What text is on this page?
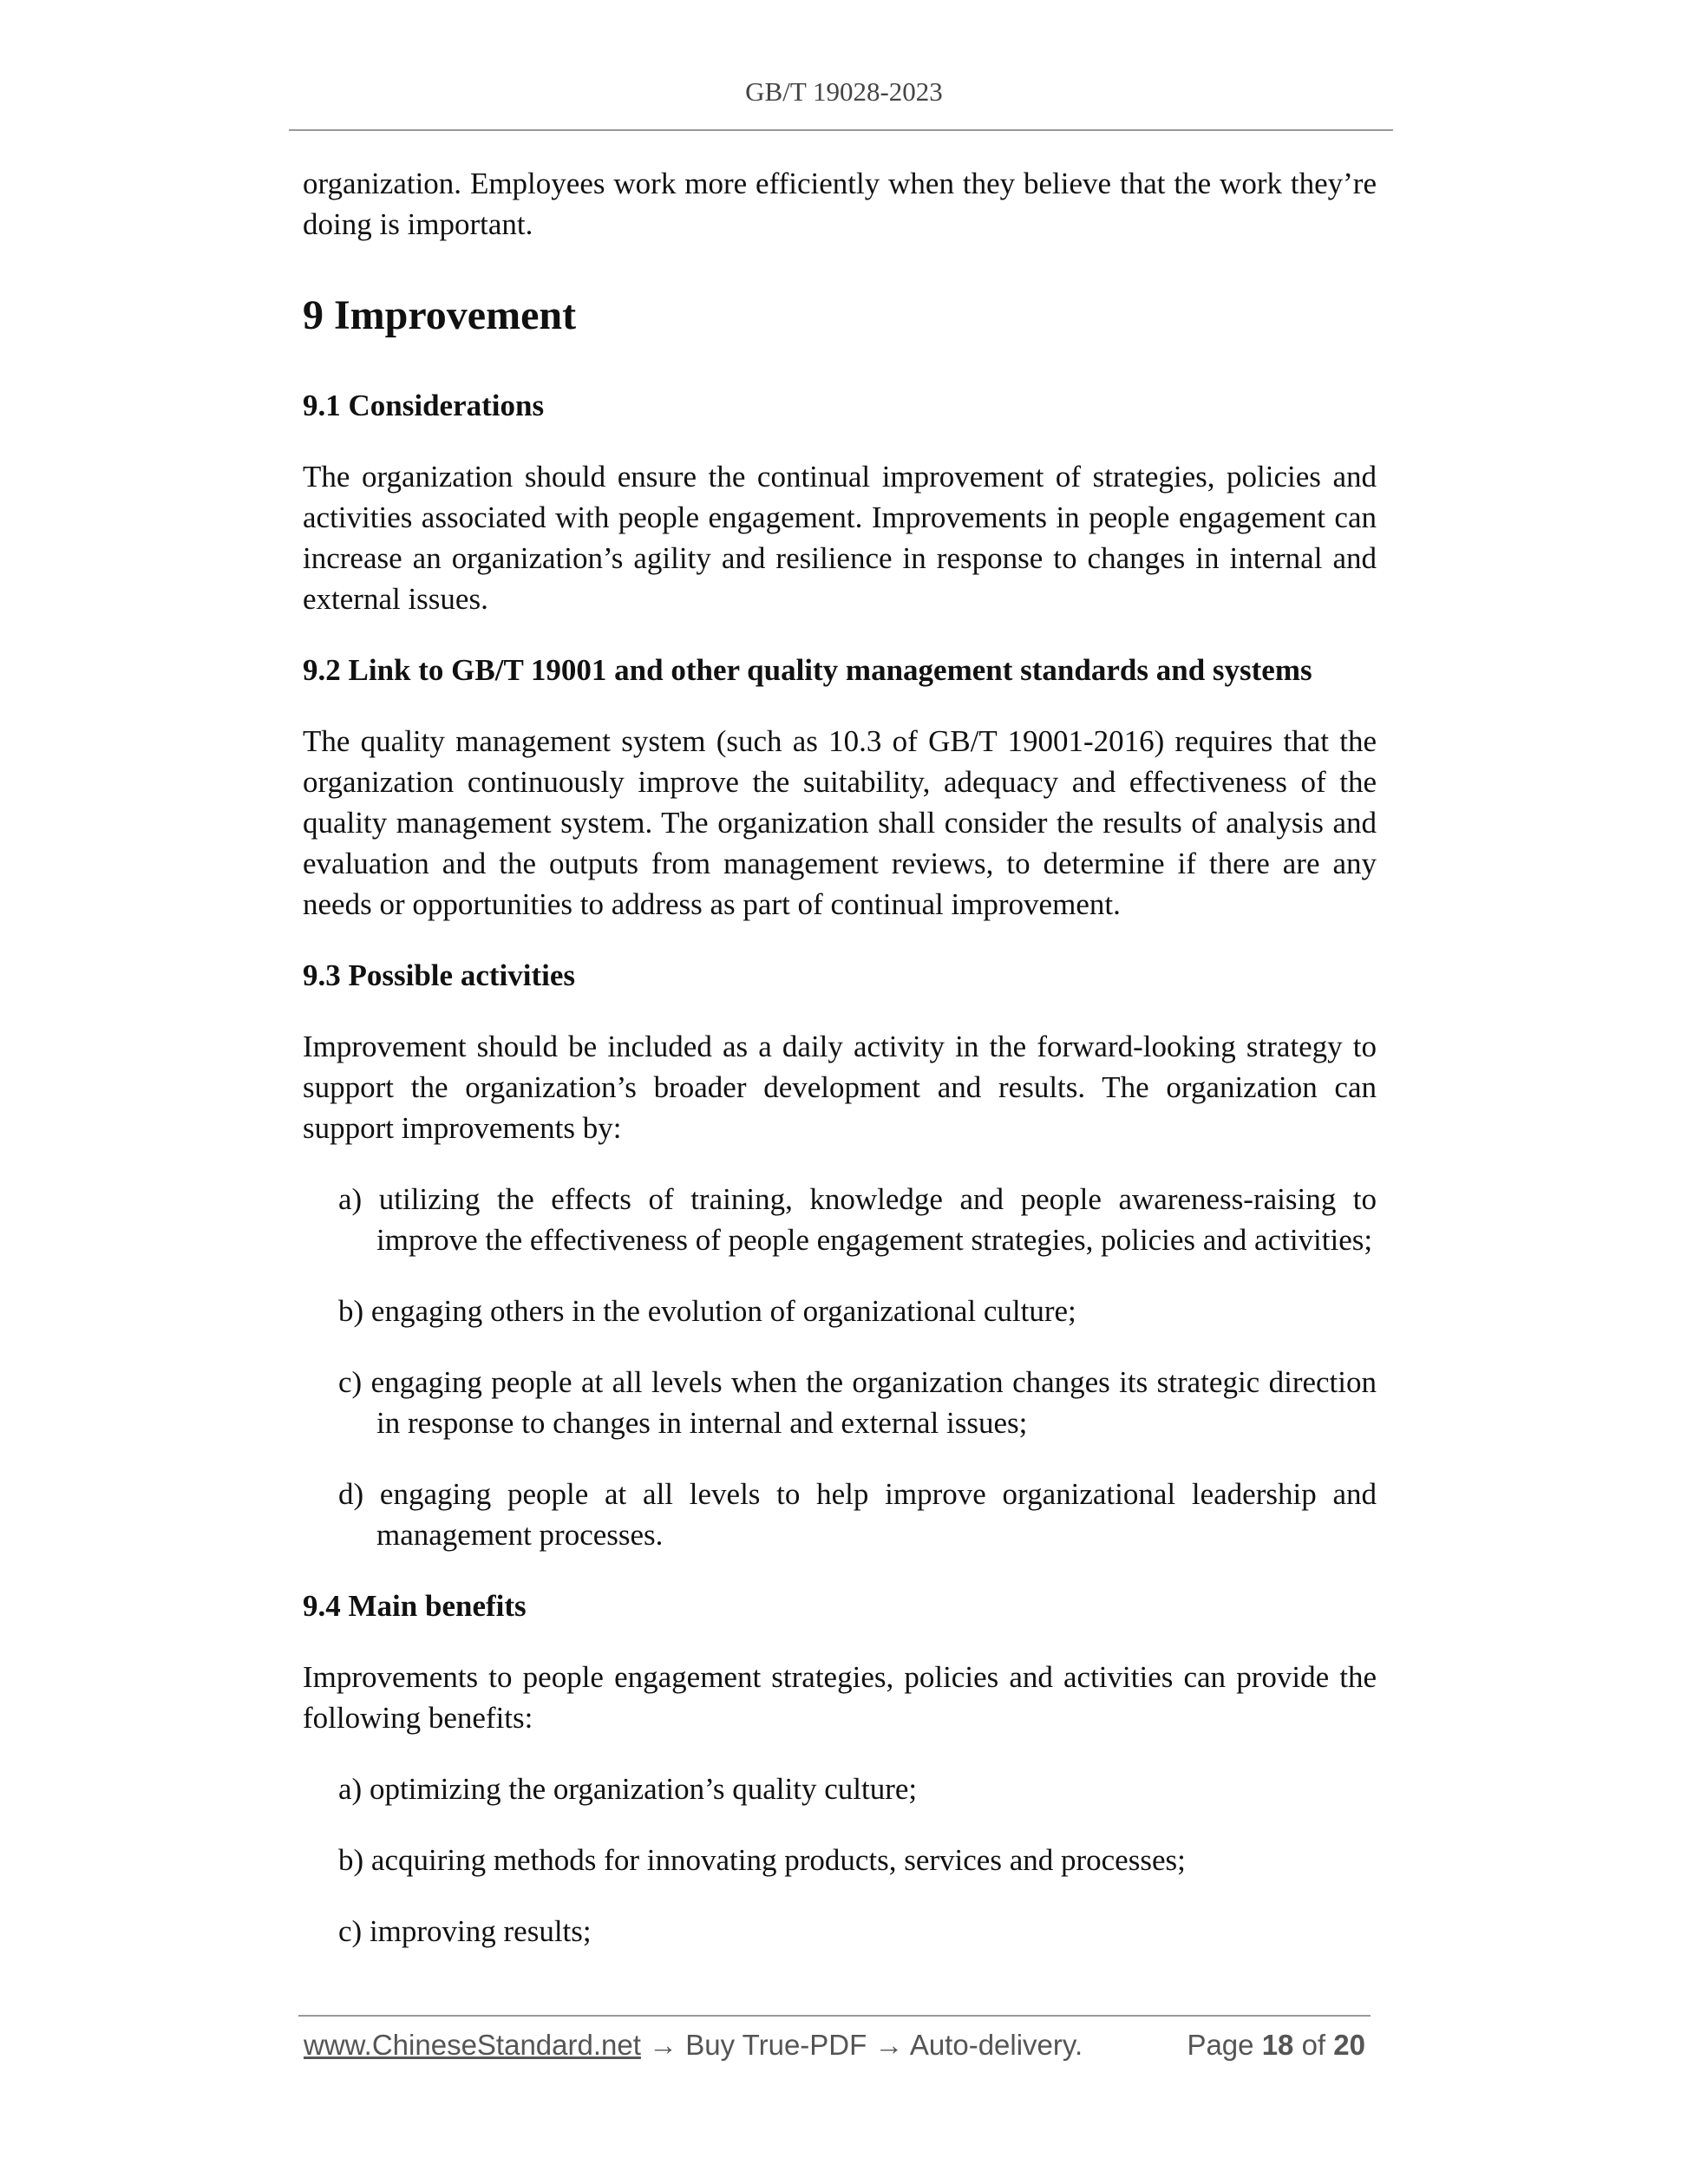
GB/T 19028-2023

organization. Employees work more efficiently when they believe that the work they’re doing is important.

9 Improvement
9.1 Considerations

The organization should ensure the continual improvement of strategies, policies and activities associated with people engagement. Improvements in people engagement can increase an organization’s agility and resilience in response to changes in internal and external issues.

9.2 Link to GB/T 19001 and other quality management standards and systems

The quality management system (such as 10.3 of GB/T 19001-2016) requires that the organization continuously improve the suitability, adequacy and effectiveness of the quality management system. The organization shall consider the results of analysis and evaluation and the outputs from management reviews, to determine if there are any needs or opportunities to address as part of continual improvement.

9.3 Possible activities

Improvement should be included as a daily activity in the forward-looking strategy to support the organization’s broader development and results. The organization can support improvements by:

a) utilizing the effects of training, knowledge and people awareness-raising to improve the effectiveness of people engagement strategies, policies and activities;
b) engaging others in the evolution of organizational culture;
c) engaging people at all levels when the organization changes its strategic direction in response to changes in internal and external issues;
d) engaging people at all levels to help improve organizational leadership and management processes.
9.4 Main benefits

Improvements to people engagement strategies, policies and activities can provide the following benefits:

a) optimizing the organization’s quality culture;
b) acquiring methods for innovating products, services and processes;
c) improving results;
www.ChineseStandard.net → Buy True-PDF → Auto-delivery.	Page 18 of 20
